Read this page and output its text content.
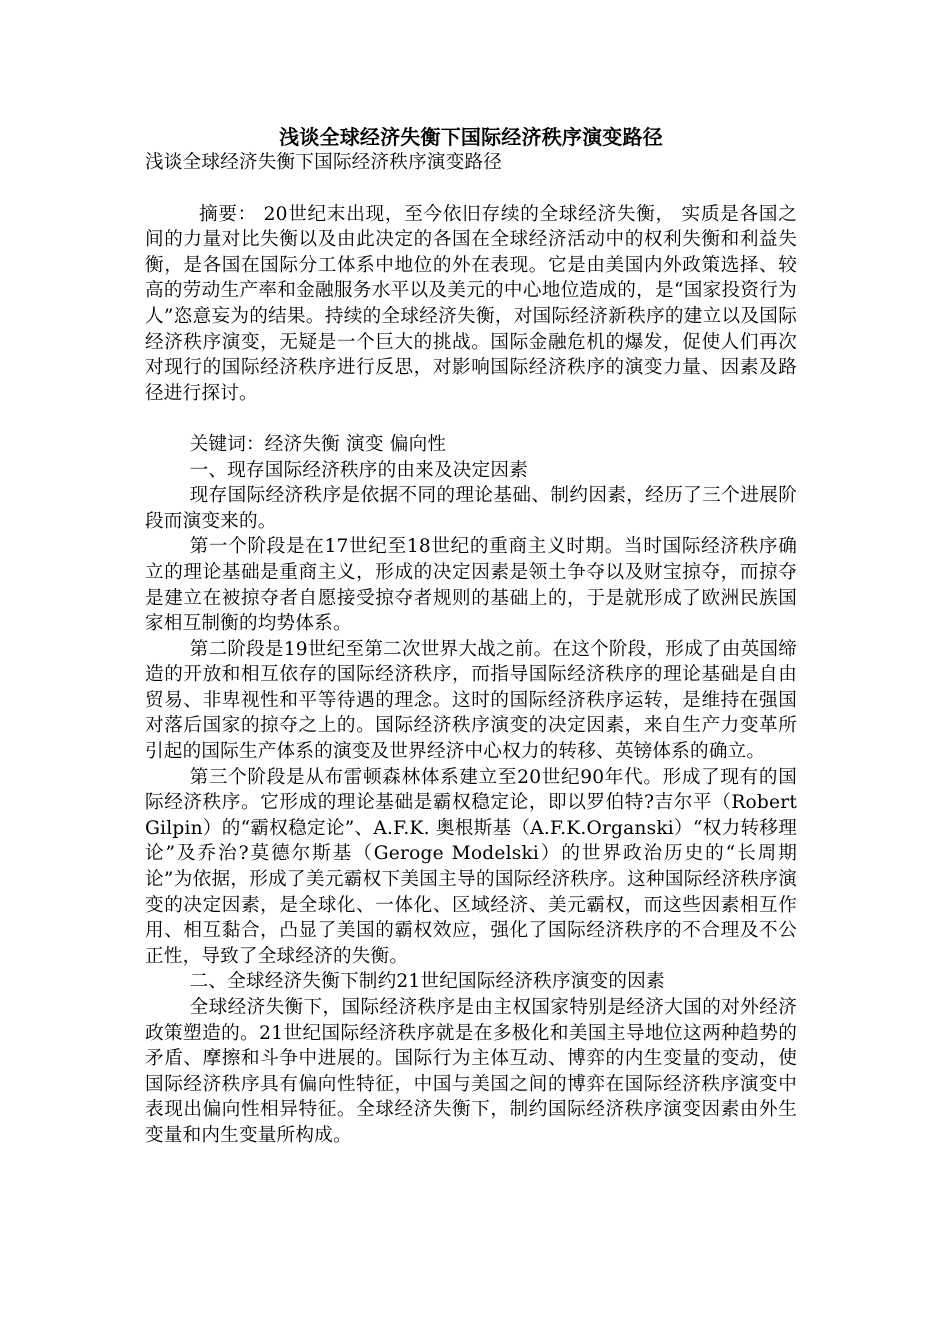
浅谈全球经济失衡下国际经济秩序演变路径

浅谈全球经济失衡下国际经济秩序演变路径

摘要： 20世纪末出现，至今依旧存续的全球经济失衡， 实质是各国之间的力量对比失衡以及由此决定的各国在全球经济活动中的权利失衡和利益失衡，是各国在国际分工体系中地位的外在表现。它是由美国内外政策选择、较高的劳动生产率和金融服务水平以及美元的中心地位造成的，是“国家投资行为人”恣意妄为的结果。持续的全球经济失衡，对国际经济新秩序的建立以及国际经济秩序演变，无疑是一个巨大的挑战。国际金融危机的爆发，促使人们再次对现行的国际经济秩序进行反思，对影响国际经济秩序的演变力量、因素及路径进行探讨。

关键词：经济失衡 演变 偏向性

一、现存国际经济秩序的由来及决定因素

现存国际经济秩序是依据不同的理论基础、制约因素，经历了三个进展阶段而演变来的。

第一个阶段是在17世纪至18世纪的重商主义时期。当时国际经济秩序确立的理论基础是重商主义，形成的决定因素是领土争夺以及财宝掠夺，而掠夺是建立在被掠夺者自愿接受掠夺者规则的基础上的，于是就形成了欧洲民族国家相互制衡的均势体系。

第二阶段是19世纪至第二次世界大战之前。在这个阶段，形成了由英国缔造的开放和相互依存的国际经济秩序，而指导国际经济秩序的理论基础是自由贸易、非卑视性和平等待遇的理念。这时的国际经济秩序运转，是维持在强国对落后国家的掠夺之上的。国际经济秩序演变的决定因素，来自生产力变革所引起的国际生产体系的演变及世界经济中心权力的转移、英镑体系的确立。

第三个阶段是从布雷顿森林体系建立至20世纪90年代。形成了现有的国际经济秩序。它形成的理论基础是霸权稳定论，即以罗伯特?吉尔平（Robert Gilpin）的“霸权稳定论”、A.F.K. 奥根斯基（A.F.K.Organski）“权力转移理论”及乔治?莫德尔斯基（Geroge Modelski）的世界政治历史的“长周期论”为依据，形成了美元霸权下美国主导的国际经济秩序。这种国际经济秩序演变的决定因素，是全球化、一体化、区域经济、美元霸权，而这些因素相互作用、相互黏合，凸显了美国的霸权效应，强化了国际经济秩序的不合理及不公正性，导致了全球经济的失衡。

二、全球经济失衡下制约21世纪国际经济秩序演变的因素

全球经济失衡下，国际经济秩序是由主权国家特别是经济大国的对外经济政策塑造的。21世纪国际经济秩序就是在多极化和美国主导地位这两种趋势的矛盾、摩擦和斗争中进展的。国际行为主体互动、博弈的内生变量的变动，使国际经济秩序具有偏向性特征，中国与美国之间的博弈在国际经济秩序演变中表现出偏向性相异特征。全球经济失衡下，制约国际经济秩序演变因素由外生变量和内生变量所构成。
